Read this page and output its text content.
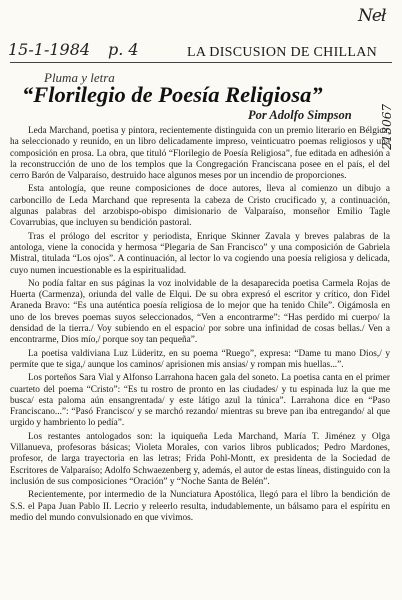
Neł
15-1-1984 p. 4
213067
LA DISCUSION DE CHILLAN
Pluma y letra
“Florilegio de Poesía Religiosa”
Por Adolfo Simpson

Leda Marchand, poetisa y pintora, recientemente distinguida con un premio literario en Bélgica, ha seleccionado y reunido, en un libro delicadamente impreso, veinticuatro poemas religiosos y una composición en prosa. La obra, que tituló “Florilegio de Poesía Religiosa”, fue editada en adhesión a la reconstrucción de uno de los templos que la Congregación Franciscana posee en el país, el del cerro Barón de Valparaíso, destruido hace algunos meses por un incendio de proporciones.

Esta antología, que reune composiciones de doce autores, lleva al comienzo un dibujo a carboncillo de Leda Marchand que representa la cabeza de Cristo crucificado y, a continuación, algunas palabras del arzobispo-obispo dimisionario de Valparaíso, monseñor Emilio Tagle Covarrubias, que incluyen su bendición pastoral.

Tras el prólogo del escritor y periodista, Enrique Skinner Zavala y breves palabras de la antologa, viene la conocida y hermosa “Plegaria de San Francisco” y una composición de Gabriela Mistral, titulada “Los ojos”. A continuación, al lector lo va cogiendo una poesía religiosa y delicada, cuyo numen incuestionable es la espiritualidad.

No podía faltar en sus páginas la voz inolvidable de la desaparecida poetisa Carmela Rojas de Huerta (Carmenza), oriunda del valle de Elqui. De su obra expresó el escritor y crítico, don Fidel Araneda Bravo: “Es una auténtica poesía religiosa de lo mejor que ha tenido Chile”. Oigámosla en uno de los breves poemas suyos seleccionados, “Ven a encontrarme”: “Has perdido mi cuerpo/ la densidad de la tierra./ Voy subiendo en el espacio/ por sobre una infinidad de cosas bellas./ Ven a encontrarme, Dios mío,/ porque soy tan pequeña”.

La poetisa valdiviana Luz Lüderitz, en su poema “Ruego”, expresa: “Dame tu mano Dios,/ y permíte que te siga,/ aunque los caminos/ aprisionen mis ansias/ y rompan mis huellas...”.

Los porteños Sara Vial y Alfonso Larrahona hacen gala del soneto. La poetisa canta en el primer cuarteto del poema “Cristo”: “Es tu rostro de pronto en las ciudades/ y tu espinada luz la que me busca/ esta paloma aún ensangrentada/ y este látigo azul la túnica”. Larrahona dice en “Paso Franciscano...”: “Pasó Francisco/ y se marchó rezando/ mientras su breve pan iba entregando/ al que urgido y hambriento lo pedía”.

Los restantes antologados son: la iquiqueña Leda Marchand, María T. Jiménez y Olga Villanueva, profesoras básicas; Violeta Morales, con varios libros publicados; Pedro Mardones, profesor, de larga trayectoria en las letras; Frida Pohl-Montt, ex presidenta de la Sociedad de Escritores de Valparaíso; Adolfo Schwaezenberg y, además, el autor de estas líneas, distinguido con la inclusión de sus composiciones “Oración” y “Noche Santa de Belén”.

Recientemente, por intermedio de la Nunciatura Apostólica, llegó para el libro la bendición de S.S. el Papa Juan Pablo II. Lecrio y releerlo resulta, indudablemente, un bálsamo para el espíritu en medio del mundo convulsionado en que vivimos.
